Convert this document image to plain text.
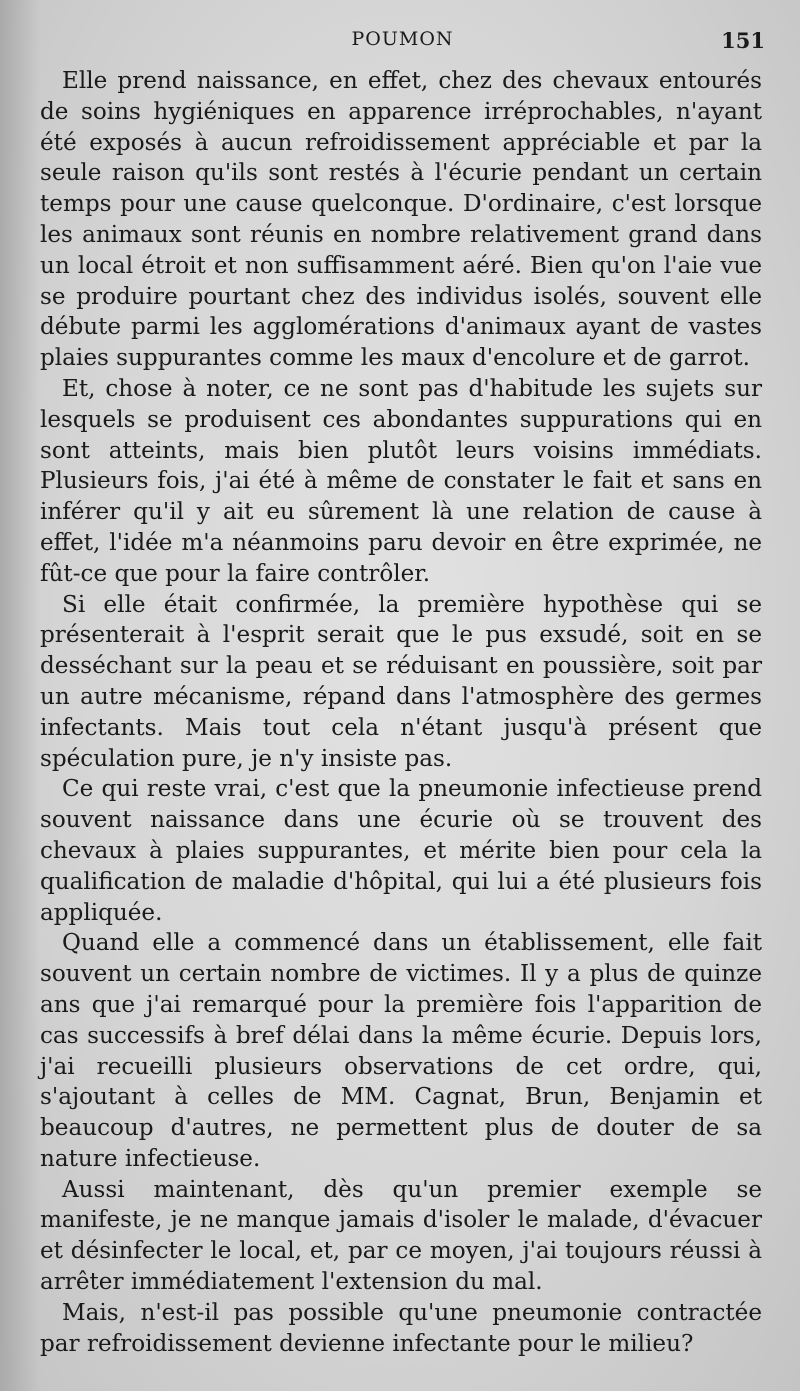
POUMON	151

Elle prend naissance, en effet, chez des chevaux entourés de soins hygiéniques en apparence irréprochables, n'ayant été exposés à aucun refroidissement appréciable et par la seule raison qu'ils sont restés à l'écurie pendant un certain temps pour une cause quelconque. D'ordinaire, c'est lorsque les animaux sont réunis en nombre relativement grand dans un local étroit et non suffisamment aéré. Bien qu'on l'aie vue se produire pourtant chez des individus isolés, souvent elle débute parmi les agglomérations d'animaux ayant de vastes plaies suppurantes comme les maux d'encolure et de garrot.

Et, chose à noter, ce ne sont pas d'habitude les sujets sur lesquels se produisent ces abondantes suppurations qui en sont atteints, mais bien plutôt leurs voisins immédiats. Plusieurs fois, j'ai été à même de constater le fait et sans en inférer qu'il y ait eu sûrement là une relation de cause à effet, l'idée m'a néanmoins paru devoir en être exprimée, ne fût-ce que pour la faire contrôler.

Si elle était confirmée, la première hypothèse qui se présenterait à l'esprit serait que le pus exsudé, soit en se desséchant sur la peau et se réduisant en poussière, soit par un autre mécanisme, répand dans l'atmosphère des germes infectants. Mais tout cela n'étant jusqu'à présent que spéculation pure, je n'y insiste pas.

Ce qui reste vrai, c'est que la pneumonie infectieuse prend souvent naissance dans une écurie où se trouvent des chevaux à plaies suppurantes, et mérite bien pour cela la qualification de maladie d'hôpital, qui lui a été plusieurs fois appliquée.

Quand elle a commencé dans un établissement, elle fait souvent un certain nombre de victimes. Il y a plus de quinze ans que j'ai remarqué pour la première fois l'apparition de cas successifs à bref délai dans la même écurie. Depuis lors, j'ai recueilli plusieurs observations de cet ordre, qui, s'ajoutant à celles de MM. Cagnat, Brun, Benjamin et beaucoup d'autres, ne permettent plus de douter de sa nature infectieuse.

Aussi maintenant, dès qu'un premier exemple se manifeste, je ne manque jamais d'isoler le malade, d'évacuer et désinfecter le local, et, par ce moyen, j'ai toujours réussi à arrêter immédiatement l'extension du mal.

Mais, n'est-il pas possible qu'une pneumonie contractée par refroidissement devienne infectante pour le milieu?
